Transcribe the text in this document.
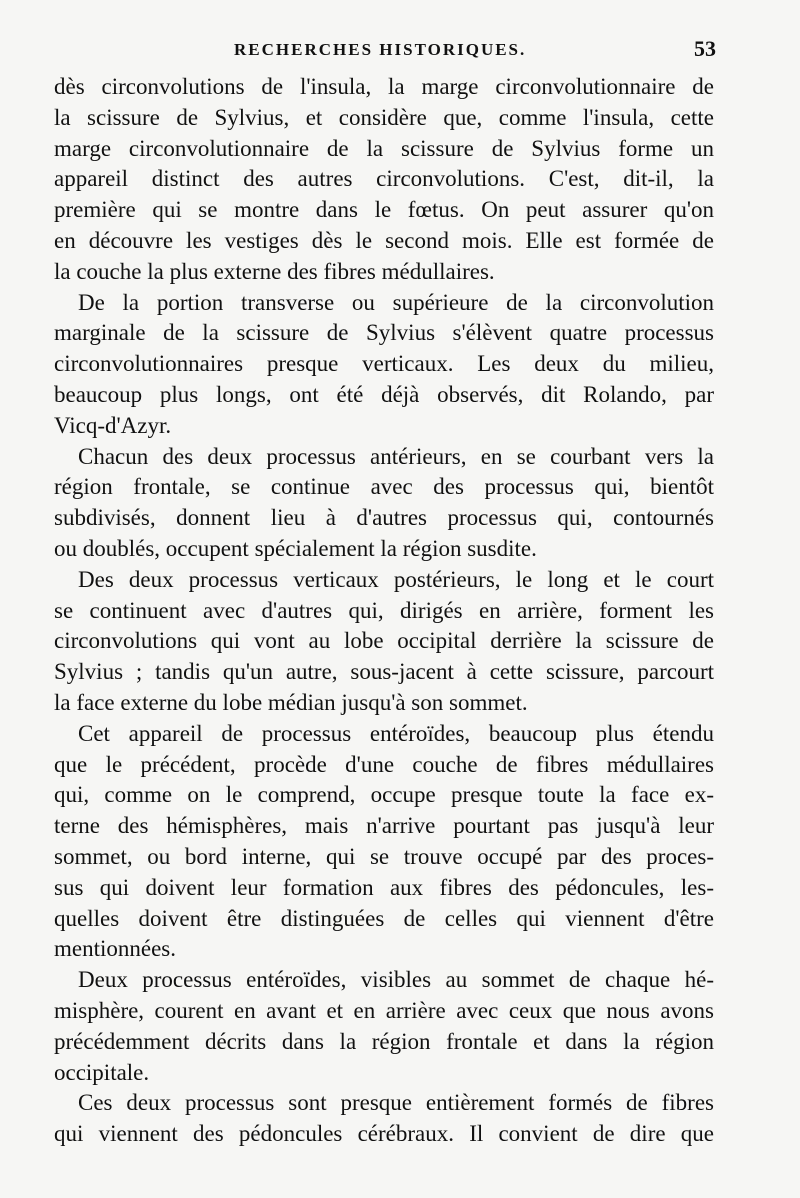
RECHERCHES HISTORIQUES.	53
dès circonvolutions de l'insula, la marge circonvolutionnaire de
la scissure de Sylvius, et considère que, comme l'insula, cette
marge circonvolutionnaire de la scissure de Sylvius forme un
appareil distinct des autres circonvolutions. C'est, dit-il, la
première qui se montre dans le fœtus. On peut assurer qu'on
en découvre les vestiges dès le second mois. Elle est formée de
la couche la plus externe des fibres médullaires.
De la portion transverse ou supérieure de la circonvolution
marginale de la scissure de Sylvius s'élèvent quatre processus
circonvolutionnaires presque verticaux. Les deux du milieu,
beaucoup plus longs, ont été déjà observés, dit Rolando, par
Vicq-d'Azyr.
Chacun des deux processus antérieurs, en se courbant vers la
région frontale, se continue avec des processus qui, bientôt
subdivisés, donnent lieu à d'autres processus qui, contournés
ou doublés, occupent spécialement la région susdite.
Des deux processus verticaux postérieurs, le long et le court
se continuent avec d'autres qui, dirigés en arrière, forment les
circonvolutions qui vont au lobe occipital derrière la scissure de
Sylvius ; tandis qu'un autre, sous-jacent à cette scissure, parcourt
la face externe du lobe médian jusqu'à son sommet.
Cet appareil de processus entéroïdes, beaucoup plus étendu
que le précédent, procède d'une couche de fibres médullaires
qui, comme on le comprend, occupe presque toute la face ex-
terne des hémisphères, mais n'arrive pourtant pas jusqu'à leur
sommet, ou bord interne, qui se trouve occupé par des proces-
sus qui doivent leur formation aux fibres des pédoncules, les-
quelles doivent être distinguées de celles qui viennent d'être
mentionnées.
Deux processus entéroïdes, visibles au sommet de chaque hé-
misphère, courent en avant et en arrière avec ceux que nous avons
précédemment décrits dans la région frontale et dans la région
occipitale.
Ces deux processus sont presque entièrement formés de fibres
qui viennent des pédoncules cérébraux. Il convient de dire que
